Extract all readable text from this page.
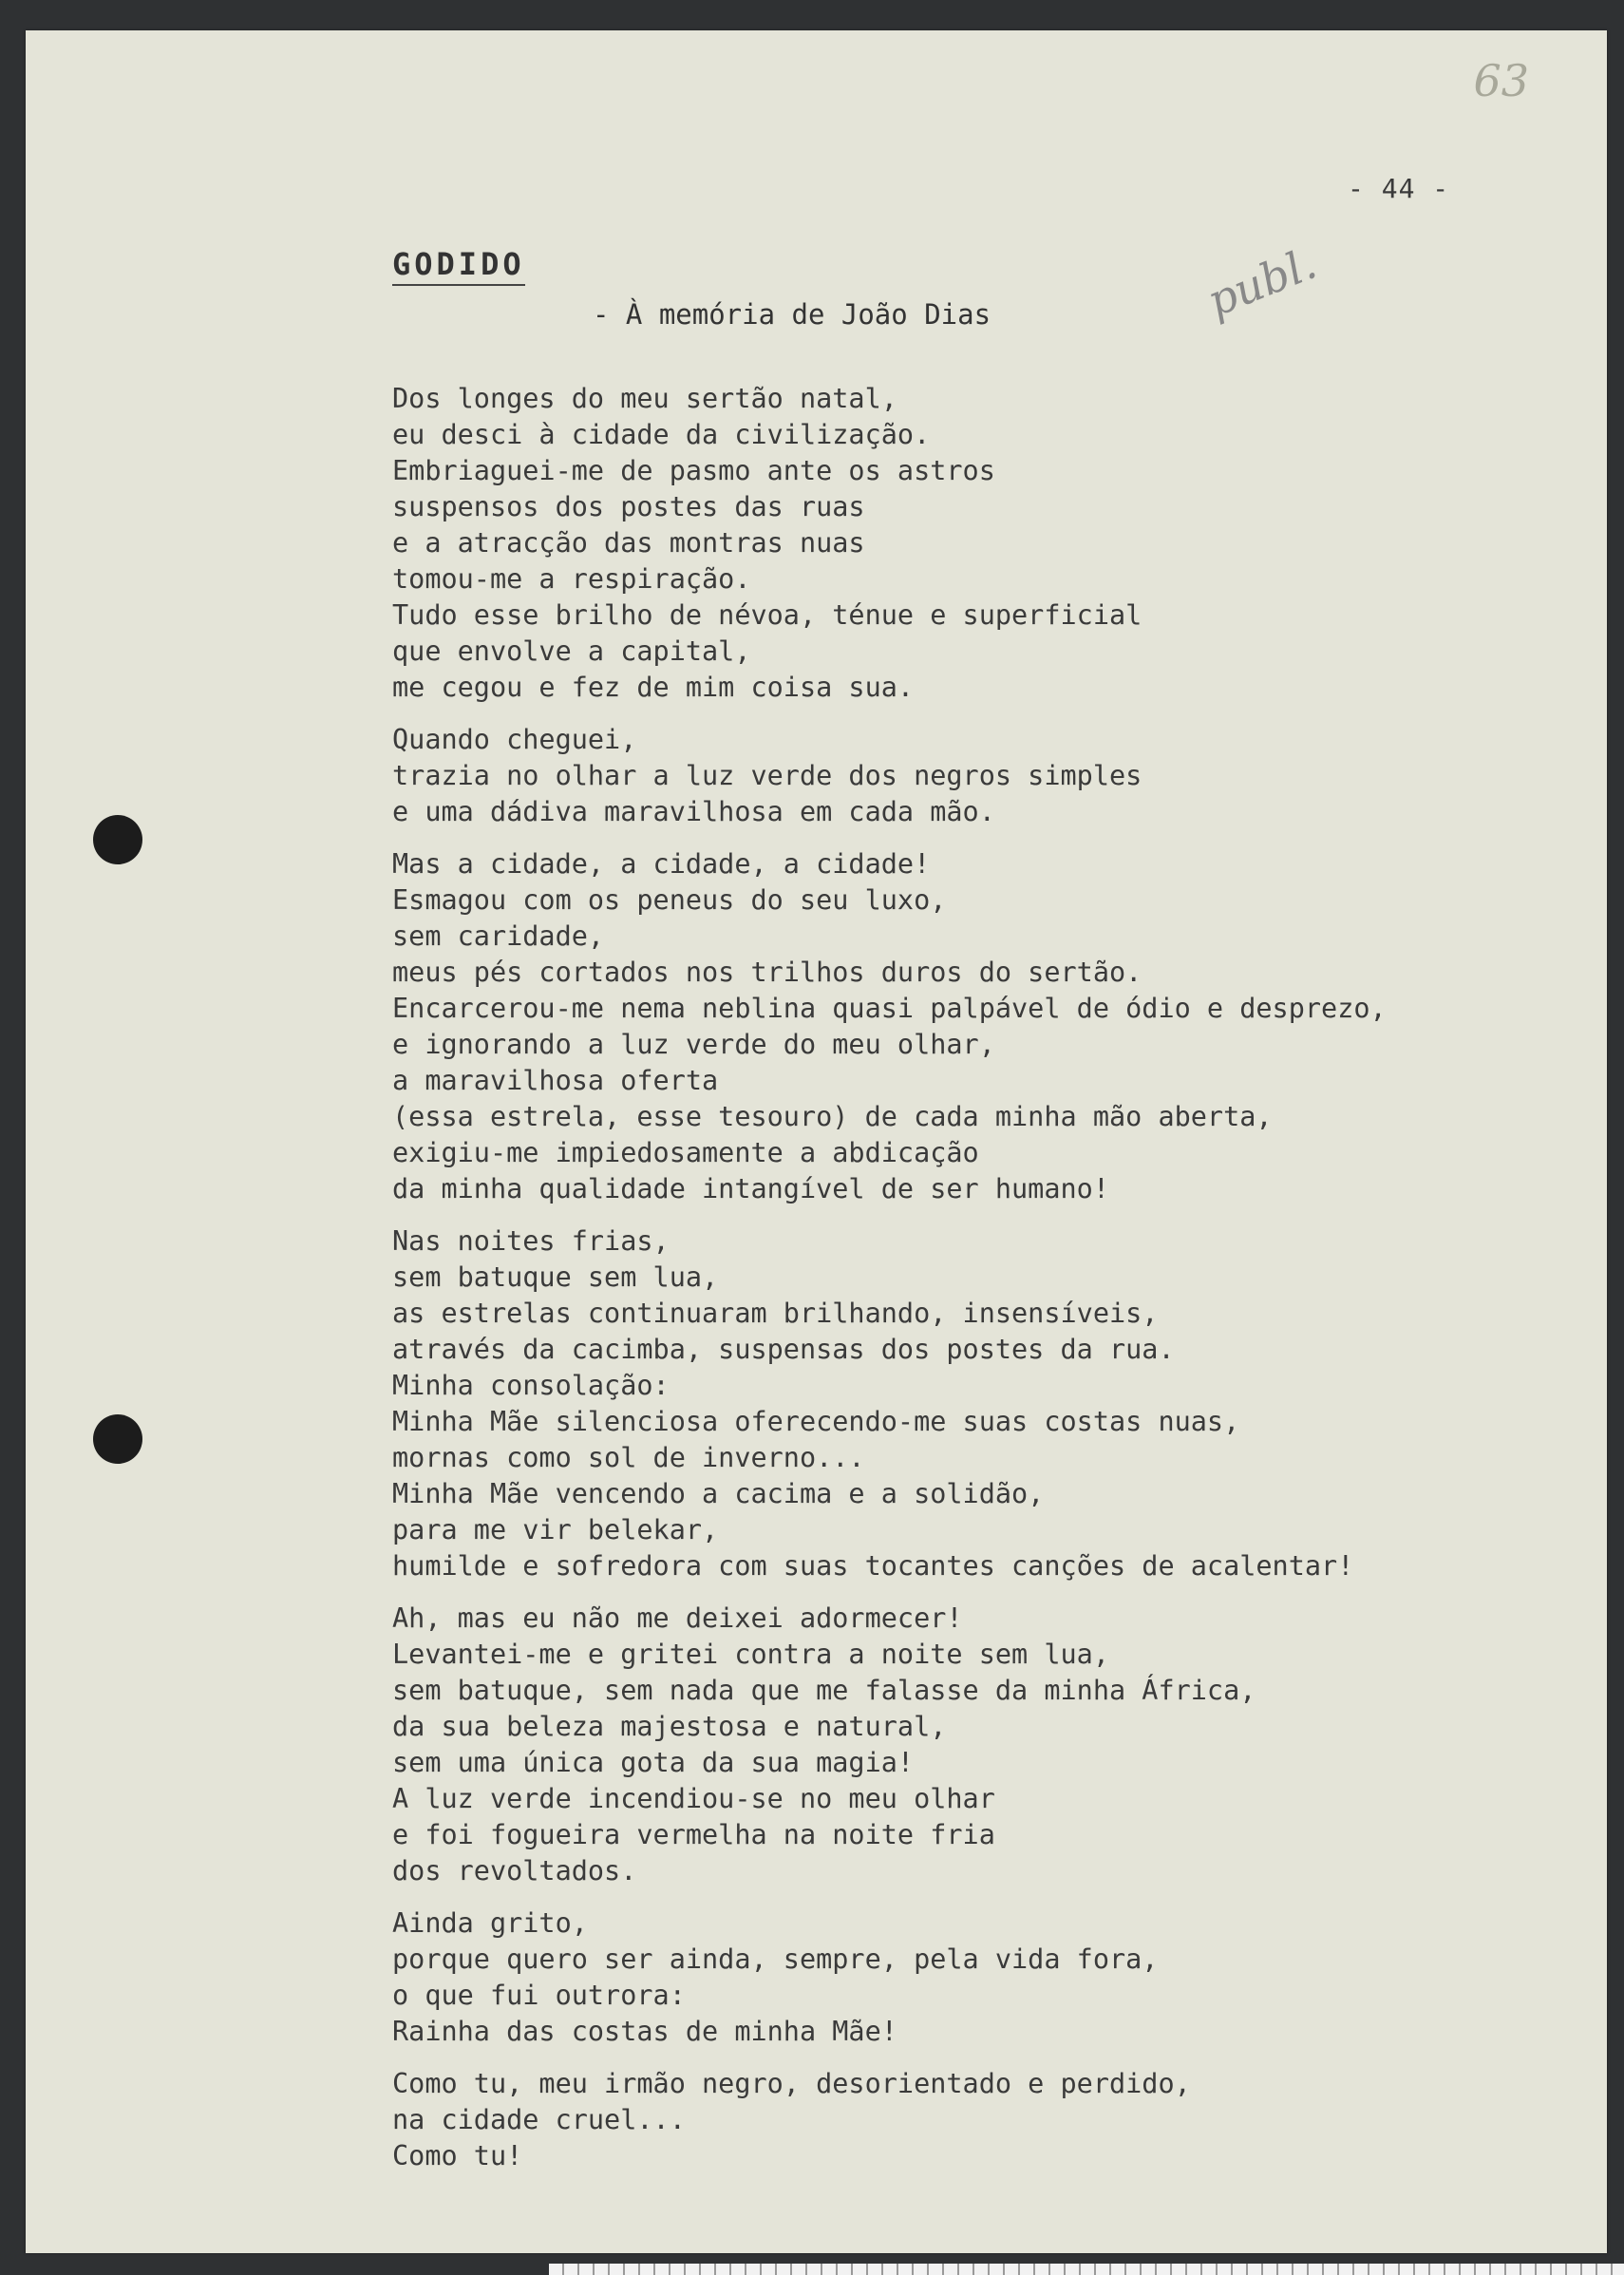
63
- 44 -
GODIDO
- À memória de João Dias	publ.
Dos longes do meu sertão natal,
eu desci à cidade da civilização.
Embriaguei-me de pasmo ante os astros
suspensos dos postes das ruas
e a atracção das montras nuas
tomou-me a respiração.
Tudo esse brilho de névoa, ténue e superficial
que envolve a capital,
me cegou e fez de mim coisa sua.
Quando cheguei,
trazia no olhar a luz verde dos negros simples
e uma dádiva maravilhosa em cada mão.
Mas a cidade, a cidade, a cidade!
Esmagou com os peneus do seu luxo,
sem caridade,
meus pés cortados nos trilhos duros do sertão.
Encarcerou-me nema neblina quasi palpável de ódio e desprezo,
e ignorando a luz verde do meu olhar,
a maravilhosa oferta
(essa estrela, esse tesouro) de cada minha mão aberta,
exigiu-me impiedosamente a abdicação
da minha qualidade intangível de ser humano!
Nas noites frias,
sem batuque sem lua,
as estrelas continuaram brilhando, insensíveis,
através da cacimba, suspensas dos postes da rua.
Minha consolação:
Minha Mãe silenciosa oferecendo-me suas costas nuas,
mornas como sol de inverno...
Minha Mãe vencendo a cacima e a solidão,
para me vir belekar,
humilde e sofredora com suas tocantes canções de acalentar!
Ah, mas eu não me deixei adormecer!
Levantei-me e gritei contra a noite sem lua,
sem batuque, sem nada que me falasse da minha África,
da sua beleza majestosa e natural,
sem uma única gota da sua magia!
A luz verde incendiou-se no meu olhar
e foi fogueira vermelha na noite fria
dos revoltados.
Ainda grito,
porque quero ser ainda, sempre, pela vida fora,
o que fui outrora:
Rainha das costas de minha Mãe!
Como tu, meu irmão negro, desorientado e perdido,
na cidade cruel...
Como tu!
